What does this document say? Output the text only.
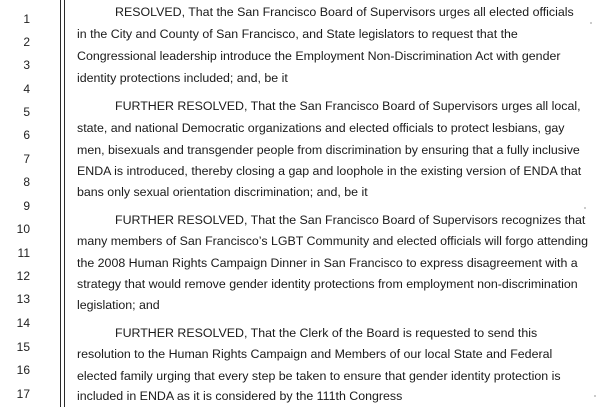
1
2
3
4
5
6
7
8
9
10
11
12
13
14
15
16
17
RESOLVED, That the San Francisco Board of Supervisors urges all elected officials
in the City and County of San Francisco, and State legislators to request that the
Congressional leadership introduce the Employment Non-Discrimination Act with gender
identity protections included; and, be it
FURTHER RESOLVED, That the San Francisco Board of Supervisors urges all local,
state, and national Democratic organizations and elected officials to protect lesbians, gay
men, bisexuals and transgender people from discrimination by ensuring that a fully inclusive
ENDA is introduced, thereby closing a gap and loophole in the existing version of ENDA that
bans only sexual orientation discrimination; and, be it
FURTHER RESOLVED, That the San Francisco Board of Supervisors recognizes that
many members of San Francisco’s LGBT Community and elected officials will forgo attending
the 2008 Human Rights Campaign Dinner in San Francisco to express disagreement with a
strategy that would remove gender identity protections from employment non-discrimination
legislation; and
FURTHER RESOLVED, That the Clerk of the Board is requested to send this
resolution to the Human Rights Campaign and Members of our local State and Federal
elected family urging that every step be taken to ensure that gender identity protection is
included in ENDA as it is considered by the 111th Congress
